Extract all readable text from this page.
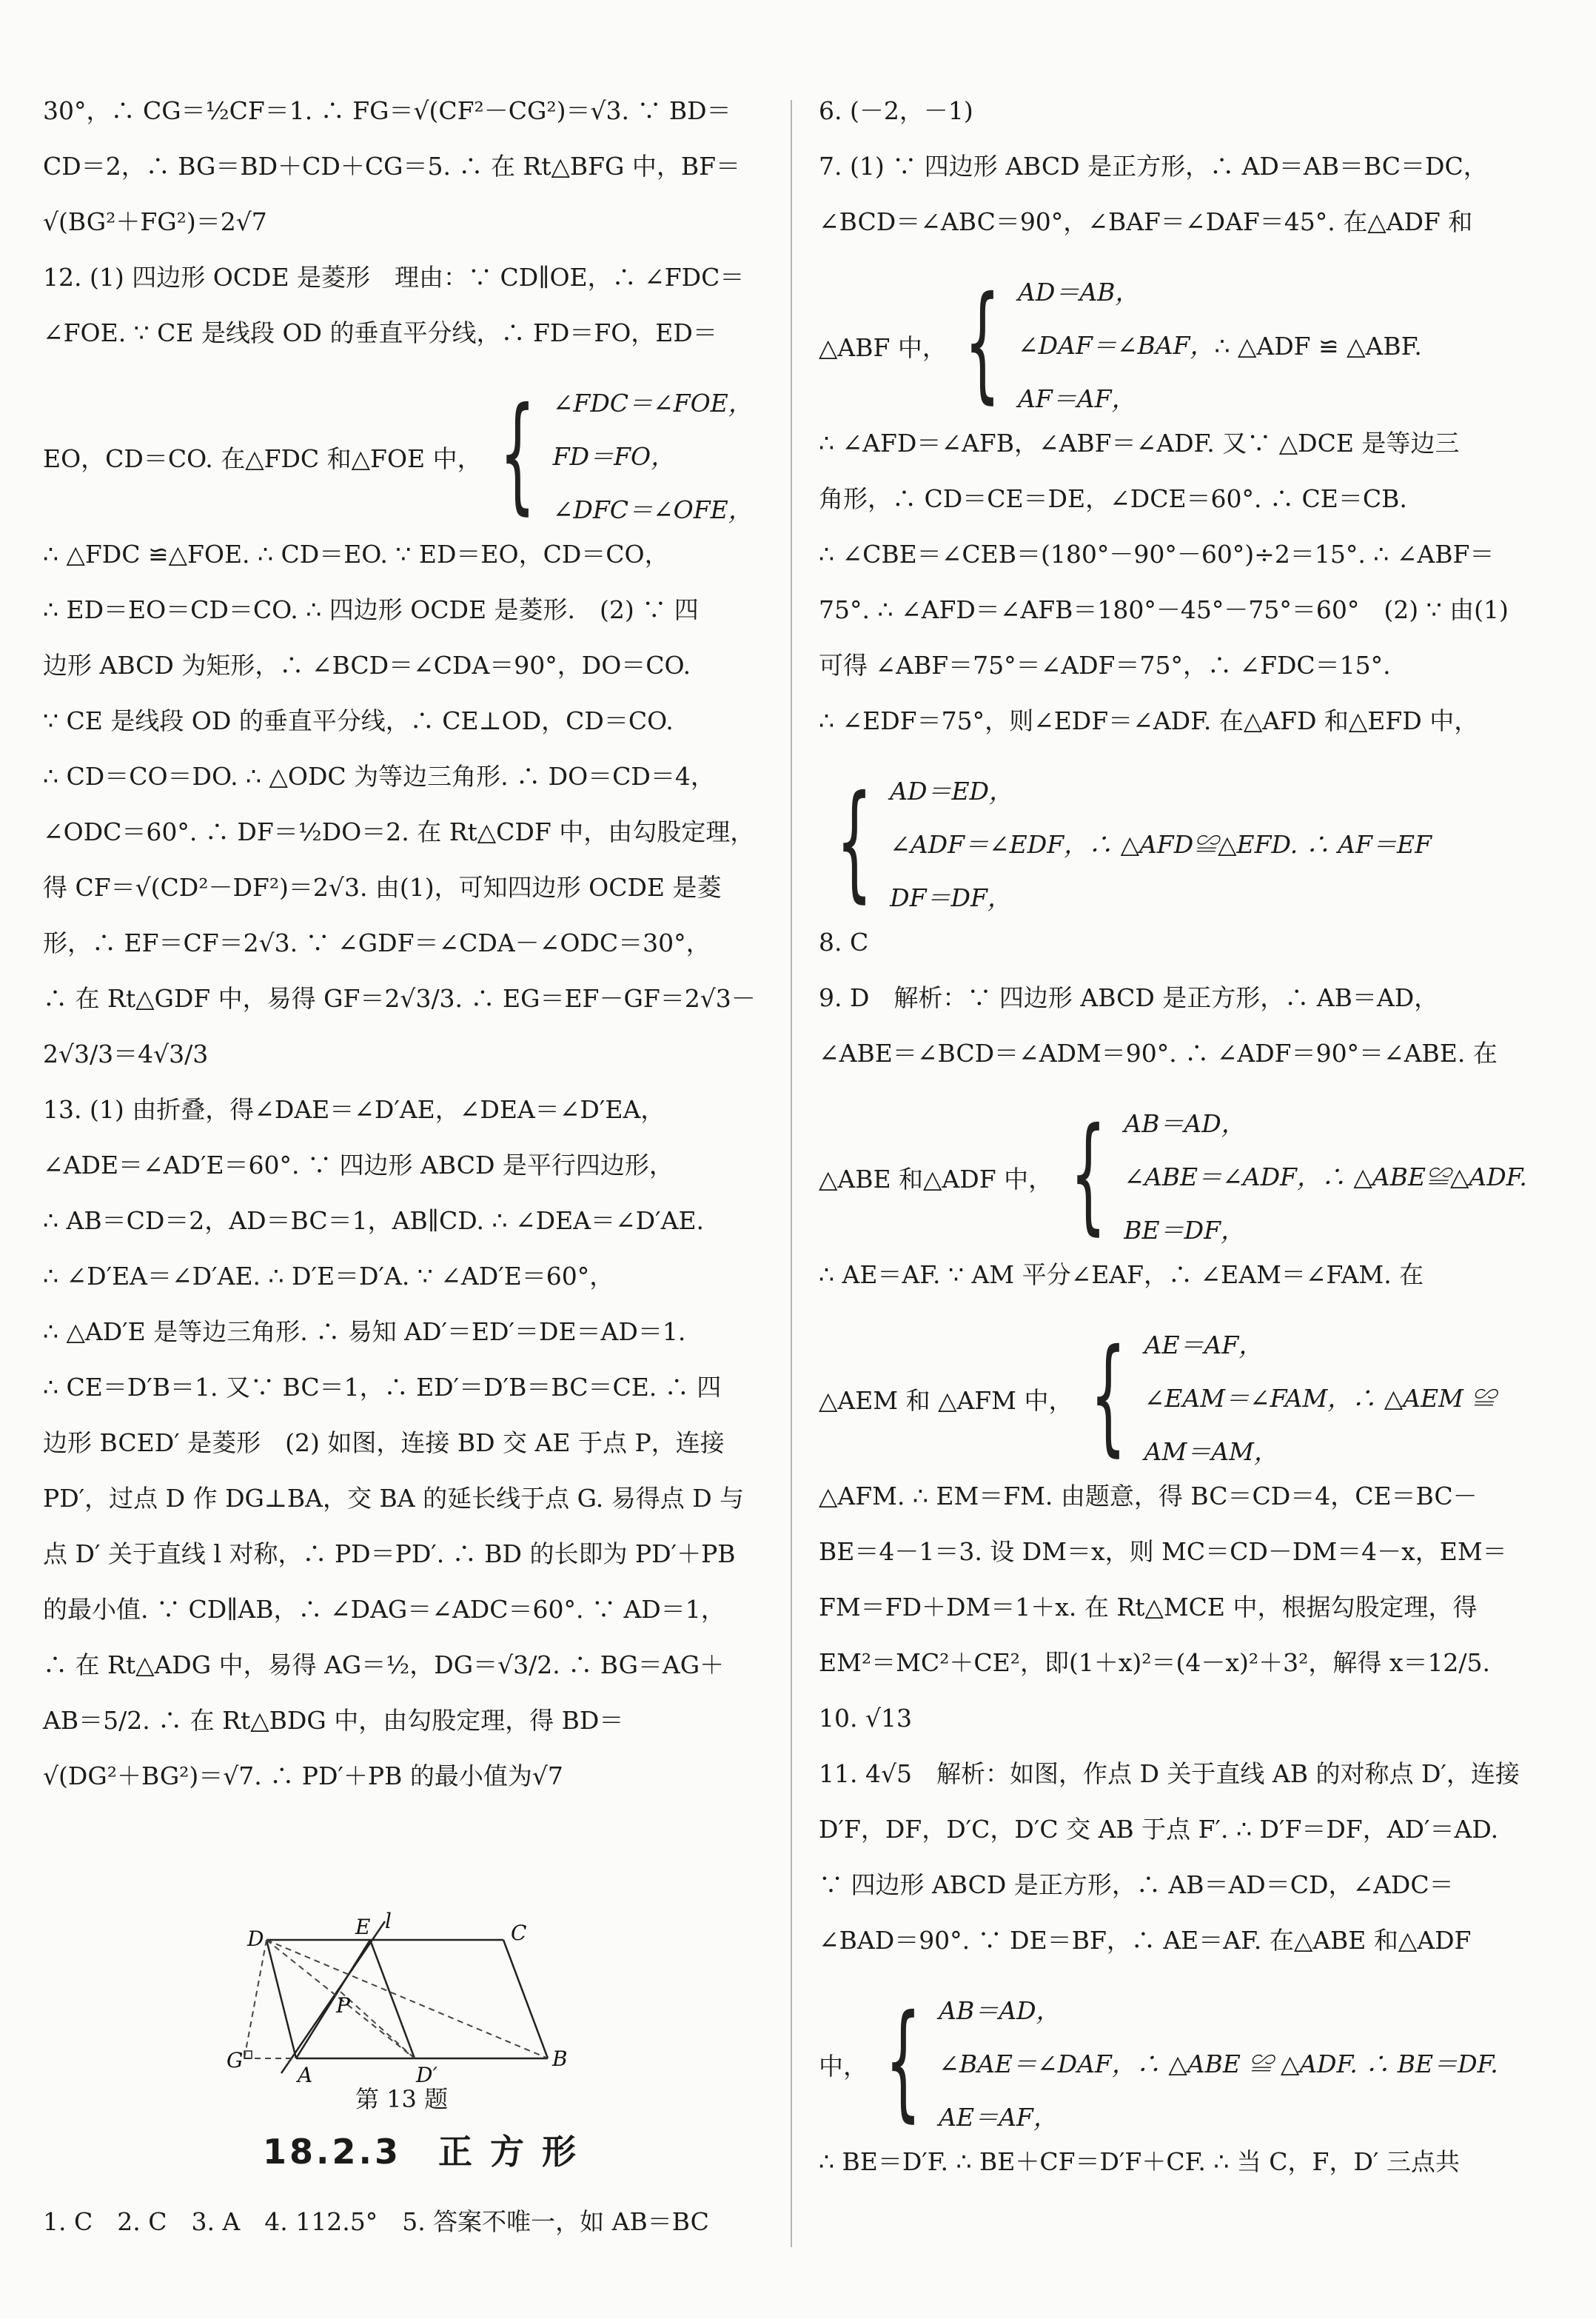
30°，∴ CG＝½CF＝1. ∴ FG＝√(CF²－CG²)＝√3. ∵ BD＝
CD＝2，∴ BG＝BD＋CD＋CG＝5. ∴ 在 Rt△BFG 中，BF＝
√(BG²＋FG²)＝2√7
12. (1) 四边形 OCDE 是菱形　理由：∵ CD∥OE，∴ ∠FDC＝
∠FOE. ∵ CE 是线段 OD 的垂直平分线，∴ FD＝FO，ED＝
EO，CD＝CO. 在△FDC 和△FOE 中， { ∠FDC＝∠FOE，
FD＝FO，
∠DFC＝∠OFE，
∴ △FDC ≌△FOE. ∴ CD＝EO. ∵ ED＝EO，CD＝CO，
∴ ED＝EO＝CD＝CO. ∴ 四边形 OCDE 是菱形.　(2) ∵ 四
边形 ABCD 为矩形，∴ ∠BCD＝∠CDA＝90°，DO＝CO.
∵ CE 是线段 OD 的垂直平分线，∴ CE⊥OD，CD＝CO.
∴ CD＝CO＝DO. ∴ △ODC 为等边三角形. ∴ DO＝CD＝4，
∠ODC＝60°. ∴ DF＝½DO＝2. 在 Rt△CDF 中，由勾股定理，
得 CF＝√(CD²－DF²)＝2√3. 由(1)，可知四边形 OCDE 是菱
形，∴ EF＝CF＝2√3. ∵ ∠GDF＝∠CDA－∠ODC＝30°，
∴ 在 Rt△GDF 中，易得 GF＝2√3/3. ∴ EG＝EF－GF＝2√3－
2√3/3＝4√3/3
13. (1) 由折叠，得∠DAE＝∠D′AE，∠DEA＝∠D′EA，
∠ADE＝∠AD′E＝60°. ∵ 四边形 ABCD 是平行四边形，
∴ AB＝CD＝2，AD＝BC＝1，AB∥CD. ∴ ∠DEA＝∠D′AE.
∴ ∠D′EA＝∠D′AE. ∴ D′E＝D′A. ∵ ∠AD′E＝60°，
∴ △AD′E 是等边三角形. ∴ 易知 AD′＝ED′＝DE＝AD＝1.
∴ CE＝D′B＝1. 又∵ BC＝1，∴ ED′＝D′B＝BC＝CE. ∴ 四
边形 BCED′ 是菱形　(2) 如图，连接 BD 交 AE 于点 P，连接
PD′，过点 D 作 DG⊥BA，交 BA 的延长线于点 G. 易得点 D 与
点 D′ 关于直线 l 对称，∴ PD＝PD′. ∴ BD 的长即为 PD′＋PB
的最小值. ∵ CD∥AB，∴ ∠DAG＝∠ADC＝60°. ∵ AD＝1，
∴ 在 Rt△ADG 中，易得 AG＝½，DG＝√3/2. ∴ BG＝AG＋
AB＝5/2. ∴ 在 Rt△BDG 中，由勾股定理，得 BD＝
√(DG²＋BG²)＝√7. ∴ PD′＋PB 的最小值为√7
D	E l	C
P
G
A	D′
B
第 13 题
18.2.3　正 方 形
1. C　2. C　3. A　4. 112.5°　5. 答案不唯一，如 AB＝BC
6. (－2，－1)
7. (1) ∵ 四边形 ABCD 是正方形，∴ AD＝AB＝BC＝DC，
∠BCD＝∠ABC＝90°，∠BAF＝∠DAF＝45°. 在△ADF 和
△ABF 中， { AD＝AB，
∠DAF＝∠BAF，
AF＝AF，
∴ △ADF ≌ △ABF.
∴ ∠AFD＝∠AFB，∠ABF＝∠ADF. 又∵ △DCE 是等边三
角形，∴ CD＝CE＝DE，∠DCE＝60°. ∴ CE＝CB.
∴ ∠CBE＝∠CEB＝(180°－90°－60°)÷2＝15°. ∴ ∠ABF＝
75°. ∴ ∠AFD＝∠AFB＝180°－45°－75°＝60°　(2) ∵ 由(1)
可得 ∠ABF＝75°＝∠ADF＝75°，∴ ∠FDC＝15°.
∴ ∠EDF＝75°，则∠EDF＝∠ADF. 在△AFD 和△EFD 中，
{ AD＝ED，
∠ADF＝∠EDF，∴ △AFD≌△EFD. ∴ AF＝EF
DF＝DF，
8. C
9. D　解析：∵ 四边形 ABCD 是正方形，∴ AB＝AD，
∠ABE＝∠BCD＝∠ADM＝90°. ∴ ∠ADF＝90°＝∠ABE. 在
△ABE 和△ADF 中， { AB＝AD，
∠ABE＝∠ADF，∴ △ABE≌△ADF.
BE＝DF，
∴ AE＝AF. ∵ AM 平分∠EAF，∴ ∠EAM＝∠FAM. 在
△AEM 和 △AFM 中， { AE＝AF，
∠EAM＝∠FAM，∴ △AEM ≌
AM＝AM，
△AFM. ∴ EM＝FM. 由题意，得 BC＝CD＝4，CE＝BC－
BE＝4－1＝3. 设 DM＝x，则 MC＝CD－DM＝4－x，EM＝
FM＝FD＋DM＝1＋x. 在 Rt△MCE 中，根据勾股定理，得
EM²＝MC²＋CE²，即(1＋x)²＝(4－x)²＋3²，解得 x＝12/5.
10. √13
11. 4√5　解析：如图，作点 D 关于直线 AB 的对称点 D′，连接
D′F，DF，D′C，D′C 交 AB 于点 F′. ∴ D′F＝DF，AD′＝AD.
∵ 四边形 ABCD 是正方形，∴ AB＝AD＝CD，∠ADC＝
∠BAD＝90°. ∵ DE＝BF，∴ AE＝AF. 在△ABE 和△ADF
中， { AB＝AD，
∠BAE＝∠DAF，∴ △ABE ≌ △ADF. ∴ BE＝DF.
AE＝AF，
∴ BE＝D′F. ∴ BE＋CF＝D′F＋CF. ∴ 当 C，F，D′ 三点共
